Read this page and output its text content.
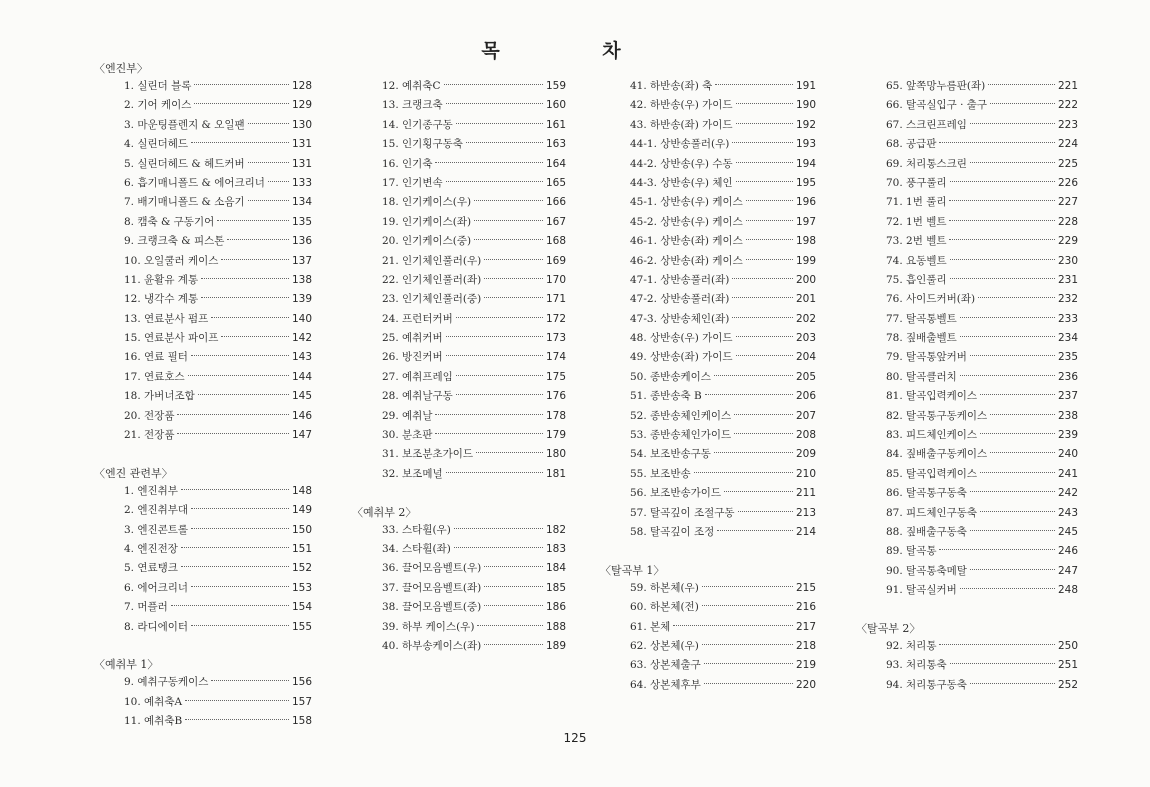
목 차
〈엔진부〉
1. 실린더 블록	128
2. 기어 케이스	129
3. 마운팅플렌지 & 오일팬	130
4. 실린더헤드	131
5. 실린더헤드 & 헤드커버	131
6. 흡기매니폴드 & 에어크리너	133
7. 배기매니폴드 & 소음기	134
8. 캠축 & 구동기어	135
9. 크랭크축 & 피스톤	136
10. 오일쿨러 케이스	137
11. 윤활유 계통	138
12. 냉각수 계통	139
13. 연료분사 펌프	140
15. 연료분사 파이프	142
16. 연료 필터	143
17. 연료호스	144
18. 가버너조합	145
20. 전장품	146
21. 전장품	147
〈엔진 관련부〉
1. 엔진취부	148
2. 엔진취부대	149
3. 엔진콘트롤	150
4. 엔진전장	151
5. 연료탱크	152
6. 에어크리너	153
7. 머플러	154
8. 라디에이터	155
〈예취부 1〉
9. 예취구동케이스	156
10. 예취축A	157
11. 예취축B	158
12. 예취축C	159
13. 크랭크축	160
14. 인기종구동	161
15. 인기횡구동축	163
16. 인기축	164
17. 인기변속	165
18. 인기케이스(우)	166
19. 인기케이스(좌)	167
20. 인기케이스(중)	168
21. 인기체인풀러(우)	169
22. 인기체인풀러(좌)	170
23. 인기체인풀러(중)	171
24. 프런터커버	172
25. 예취커버	173
26. 방진커버	174
27. 예취프레임	175
28. 예취날구동	176
29. 예취날	178
30. 분초판	179
31. 보조분초가이드	180
32. 보조메널	181
〈예취부 2〉
33. 스타휠(우)	182
34. 스타휠(좌)	183
36. 끌어모음벨트(우)	184
37. 끌어모음벨트(좌)	185
38. 끌어모음벨트(중)	186
39. 하부 케이스(우)	188
40. 하부송케이스(좌)	189
41. 하반송(좌) 축	191
42. 하반송(우) 가이드	190
43. 하반송(좌) 가이드	192
44-1. 상반송풀러(우)	193
44-2. 상반송(우) 수동	194
44-3. 상반송(우) 체인	195
45-1. 상반송(우) 케이스	196
45-2. 상반송(우) 케이스	197
46-1. 상반송(좌) 케이스	198
46-2. 상반송(좌) 케이스	199
47-1. 상반송풀러(좌)	200
47-2. 상반송풀러(좌)	201
47-3. 상반송체인(좌)	202
48. 상반송(우) 가이드	203
49. 상반송(좌) 가이드	204
50. 종반송케이스	205
51. 종반송축 B	206
52. 종반송체인케이스	207
53. 종반송체인가이드	208
54. 보조반송구동	209
55. 보조반송	210
56. 보조반송가이드	211
57. 탈곡깊이 조절구동	213
58. 탈곡깊이 조정	214
〈탈곡부 1〉
59. 하본체(우)	215
60. 하본체(전)	216
61. 본체	217
62. 상본체(우)	218
63. 상본체출구	219
64. 상본체후부	220
65. 앞쪽망누름판(좌)	221
66. 탈곡실입구 · 출구	222
67. 스크린프레임	223
68. 공급판	224
69. 처리통스크린	225
70. 풍구풀리	226
71. 1번 풀리	227
72. 1번 벨트	228
73. 2번 벨트	229
74. 요동벨트	230
75. 흡인풀리	231
76. 사이드커버(좌)	232
77. 탈곡통벨트	233
78. 짚배출벨트	234
79. 탈곡통앞커버	235
80. 탈곡클러치	236
81. 탈곡입력케이스	237
82. 탈곡통구동케이스	238
83. 피드체인케이스	239
84. 짚배출구동케이스	240
85. 탈곡입력케이스	241
86. 탈곡통구동축	242
87. 피드체인구동축	243
88. 짚배출구동축	245
89. 탈곡통	246
90. 탈곡통축메탈	247
91. 탈곡실커버	248
〈탈곡부 2〉
92. 처리통	250
93. 처리통축	251
94. 처리통구동축	252
125
